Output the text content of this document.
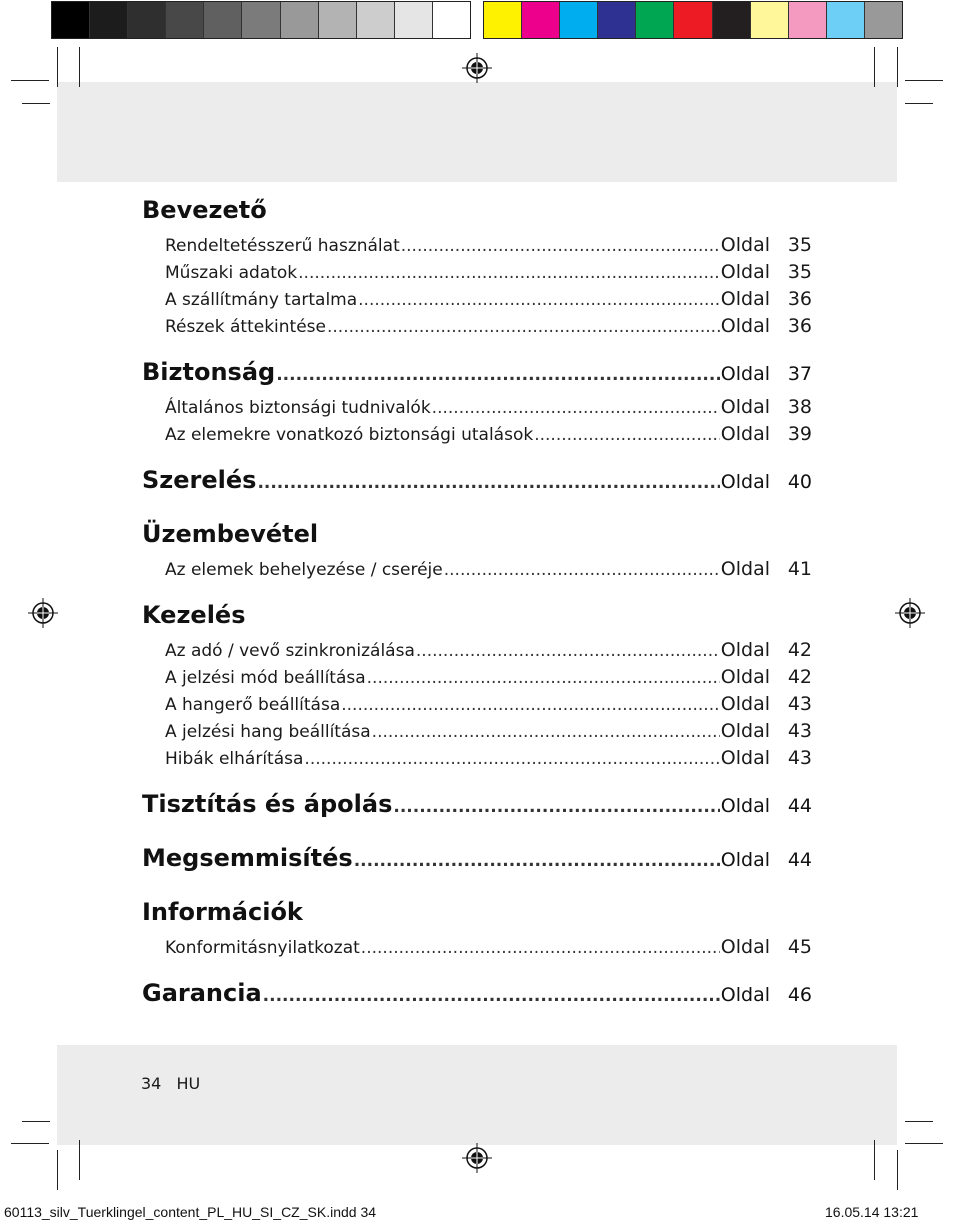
Bevezető
Rendeltetésszerű használat .....	Oldal 35
Műszaki adatok .....	Oldal 35
A szállítmány tartalma .....	Oldal 36
Részek áttekintése .....	Oldal 36
Biztonság .....	Oldal 37
Általános biztonsági tudnivalók .....	Oldal 38
Az elemekre vonatkozó biztonsági utalások .....	Oldal 39
Szerelés .....	Oldal 40
Üzembevétel
Az elemek behelyezése / cseréje .....	Oldal 41
Kezelés
Az adó / vevő szinkronizálása .....	Oldal 42
A jelzési mód beállítása .....	Oldal 42
A hangerő beállítása .....	Oldal 43
A jelzési hang beállítása .....	Oldal 43
Hibák elhárítása .....	Oldal 43
Tisztítás és ápolás .....	Oldal 44
Megsemmisítés .....	Oldal 44
Információk
Konformitásnyilatkozat .....	Oldal 45
Garancia .....	Oldal 46
34 HU
60113_silv_Tuerklingel_content_PL_HU_SI_CZ_SK.indd 34	16.05.14 13:21
